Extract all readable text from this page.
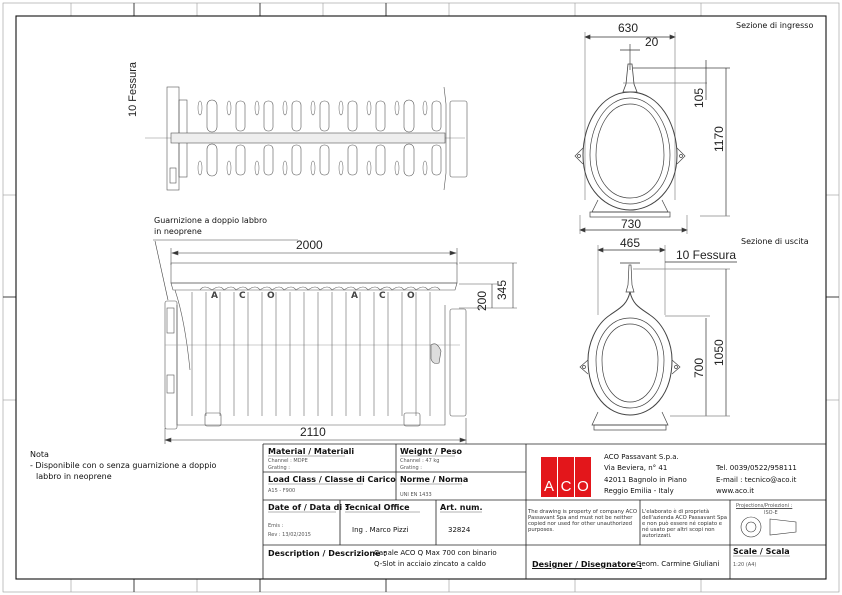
Sezione di ingresso
Sezione di uscita
10 Fessura
Guarnizione a doppio labbro
in neoprene
2000
2110
200
345
630
20
105
1170
730
465
10 Fessura
1050
700
A C O	A C O
Nota
- Disponibile con o senza guarnizione a doppio
labbro in neoprene
Material / Materiali
Channel : MDPE
Grating :
Weight / Peso
Channel : 47 kg
Grating :
Load Class / Classe di Carico
A15 - F900
Norme / Norma
UNI EN 1433
Date of / Data di :
Emis :
Rev : 13/02/2015
Tecnical Office
Ing . Marco Pizzi
Art. num.
32824
Description / Descrizione :
Canale ACO Q Max 700 con binario
Q-Slot in acciaio zincato a caldo
A C O
ACO Passavant S.p.a.
Via Beviera, n° 41
42011 Bagnolo in Piano
Reggio Emilia - Italy
Tel. 0039/0522/958111
E-mail : tecnico@aco.it
www.aco.it
The drawing is property of company ACO Passavant Spa and must not be neither copied nor used for other unauthorized purposes.
L'elaborato è di proprietà dell'azienda ACO Passavant Spa e non può essere né copiato e né usato per altri scopi non autorizzati.
Projections/Proiezioni :
ISO-E
Designer / Disegnatore :
Geom. Carmine Giuliani
Scale / Scala
1:20 (A4)
